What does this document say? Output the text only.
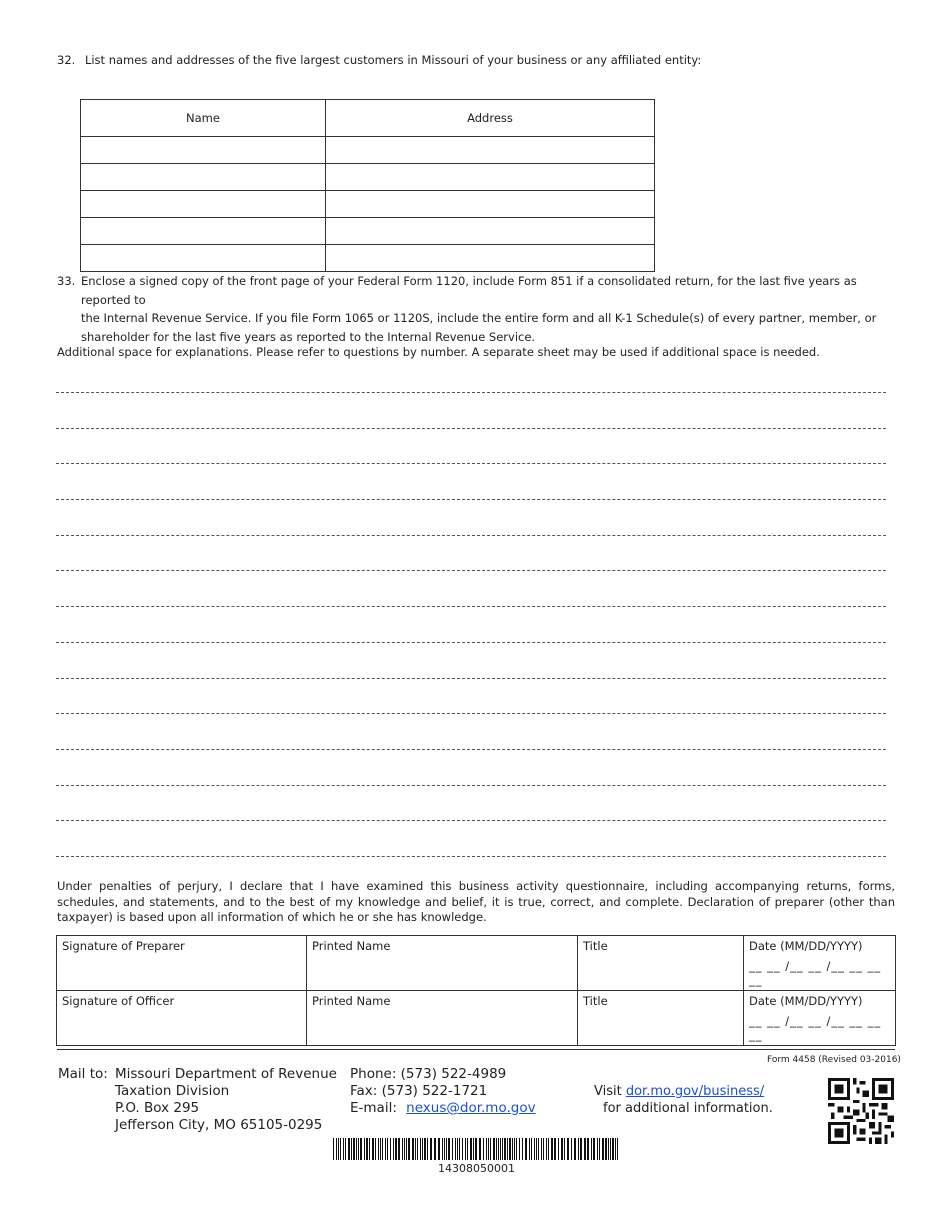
32. List names and addresses of the five largest customers in Missouri of your business or any affiliated entity:
Name	Address

33. Enclose a signed copy of the front page of your Federal Form 1120, include Form 851 if a consolidated return, for the last five years as reported to
the Internal Revenue Service. If you file Form 1065 or 1120S, include the entire form and all K-1 Schedule(s) of every partner, member, or
shareholder for the last five years as reported to the Internal Revenue Service.
Additional space for explanations. Please refer to questions by number. A separate sheet may be used if additional space is needed.
Under penalties of perjury, I declare that I have examined this business activity questionnaire, including accompanying returns, forms, schedules, and statements, and to the best of my knowledge and belief, it is true, correct, and complete. Declaration of preparer (other than taxpayer) is based upon all information of which he or she has knowledge.
Signature of Preparer	Printed Name	Title	Date (MM/DD/YYYY)
__ __ /__ __ /__ __ __ __

Signature of Officer	Printed Name	Title	Date (MM/DD/YYYY)
__ __ /__ __ /__ __ __ __
Form 4458 (Revised 03-2016)
Mail to: Missouri Department of Revenue
Taxation Division
P.O. Box 295
Jefferson City, MO 65105-0295
Phone: (573) 522-4989
Fax: (573) 522-1721
E-mail: nexus@dor.mo.gov
Visit dor.mo.gov/business/
for additional information.
14308050001
